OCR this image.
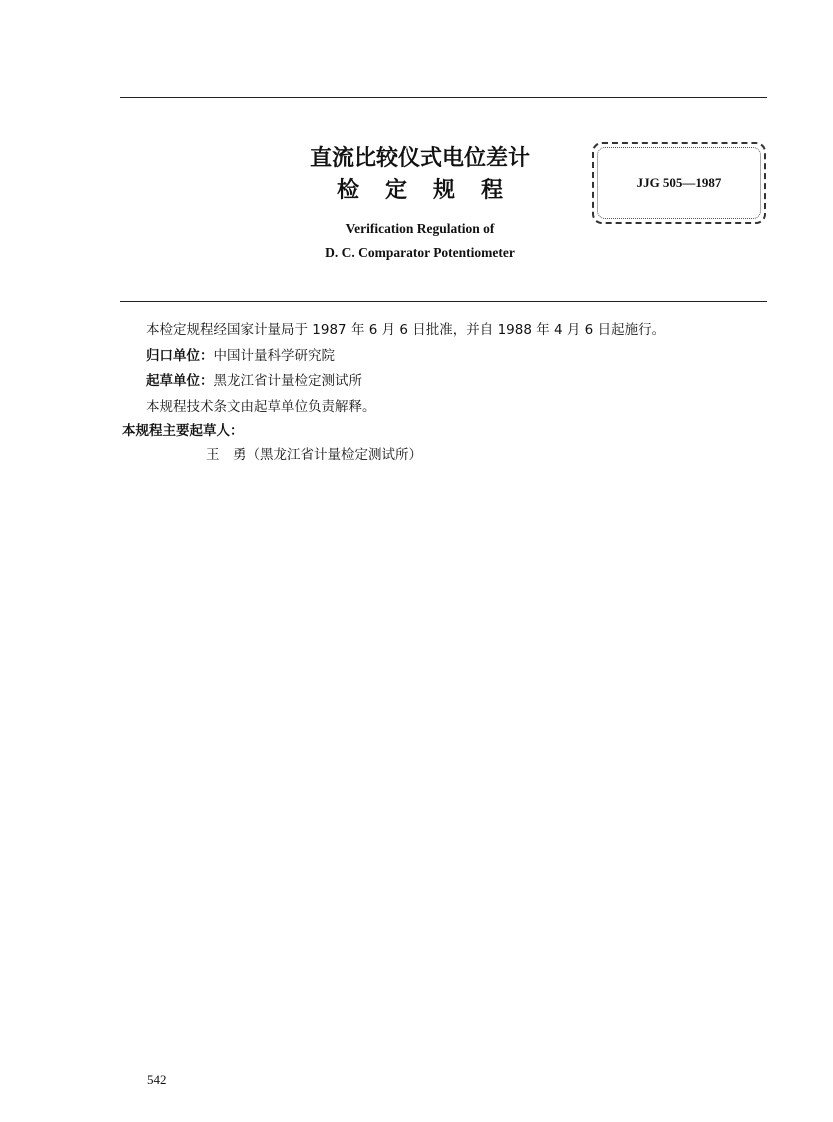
直流比较仪式电位差计
检定规程
Verification Regulation of
D. C. Comparator Potentiometer
JJG 505—1987
本检定规程经国家计量局于 1987 年 6 月 6 日批准，并自 1988 年 4 月 6 日起施行。
归口单位：中国计量科学研究院
起草单位：黑龙江省计量检定测试所
本规程技术条文由起草单位负责解释。
本规程主要起草人：
王　勇（黑龙江省计量检定测试所）
542
